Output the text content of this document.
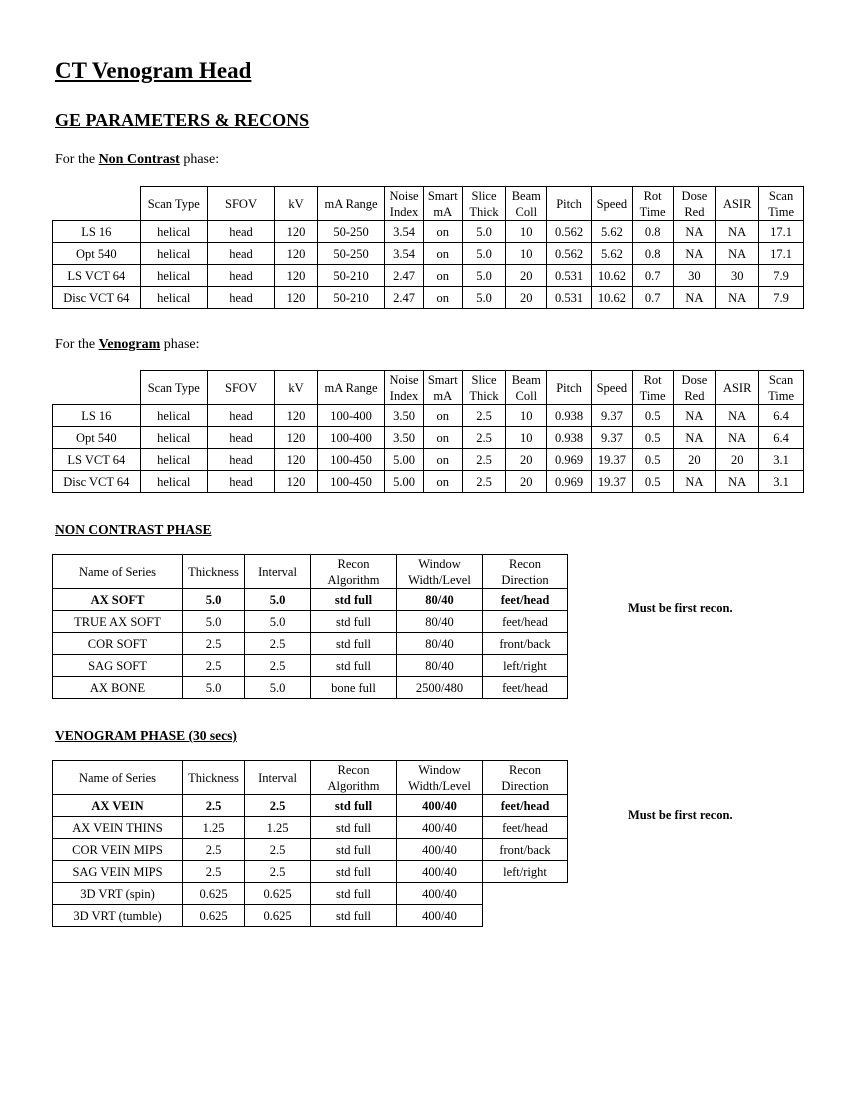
CT Venogram Head
GE PARAMETERS & RECONS
For the Non Contrast phase:
	Scan Type	SFOV	kV	mA Range	Noise Index	Smart mA	Slice Thick	Beam Coll	Pitch	Speed	Rot Time	Dose Red	ASIR	Scan Time
LS 16	helical	head	120	50-250	3.54	on	5.0	10	0.562	5.62	0.8	NA	NA	17.1
Opt 540	helical	head	120	50-250	3.54	on	5.0	10	0.562	5.62	0.8	NA	NA	17.1
LS VCT 64	helical	head	120	50-210	2.47	on	5.0	20	0.531	10.62	0.7	30	30	7.9
Disc VCT 64	helical	head	120	50-210	2.47	on	5.0	20	0.531	10.62	0.7	NA	NA	7.9
For the Venogram phase:
	Scan Type	SFOV	kV	mA Range	Noise Index	Smart mA	Slice Thick	Beam Coll	Pitch	Speed	Rot Time	Dose Red	ASIR	Scan Time
LS 16	helical	head	120	100-400	3.50	on	2.5	10	0.938	9.37	0.5	NA	NA	6.4
Opt 540	helical	head	120	100-400	3.50	on	2.5	10	0.938	9.37	0.5	NA	NA	6.4
LS VCT 64	helical	head	120	100-450	5.00	on	2.5	20	0.969	19.37	0.5	20	20	3.1
Disc VCT 64	helical	head	120	100-450	5.00	on	2.5	20	0.969	19.37	0.5	NA	NA	3.1
NON CONTRAST PHASE
Name of Series	Thickness	Interval	Recon Algorithm	Window Width/Level	Recon Direction
AX SOFT	5.0	5.0	std full	80/40	feet/head
TRUE AX SOFT	5.0	5.0	std full	80/40	feet/head
COR SOFT	2.5	2.5	std full	80/40	front/back
SAG SOFT	2.5	2.5	std full	80/40	left/right
AX BONE	5.0	5.0	bone full	2500/480	feet/head
Must be first recon.
VENOGRAM PHASE (30 secs)
Name of Series	Thickness	Interval	Recon Algorithm	Window Width/Level	Recon Direction
AX VEIN	2.5	2.5	std full	400/40	feet/head
AX VEIN THINS	1.25	1.25	std full	400/40	feet/head
COR VEIN MIPS	2.5	2.5	std full	400/40	front/back
SAG VEIN MIPS	2.5	2.5	std full	400/40	left/right
3D VRT (spin)	0.625	0.625	std full	400/40	
3D VRT (tumble)	0.625	0.625	std full	400/40	
Must be first recon.
